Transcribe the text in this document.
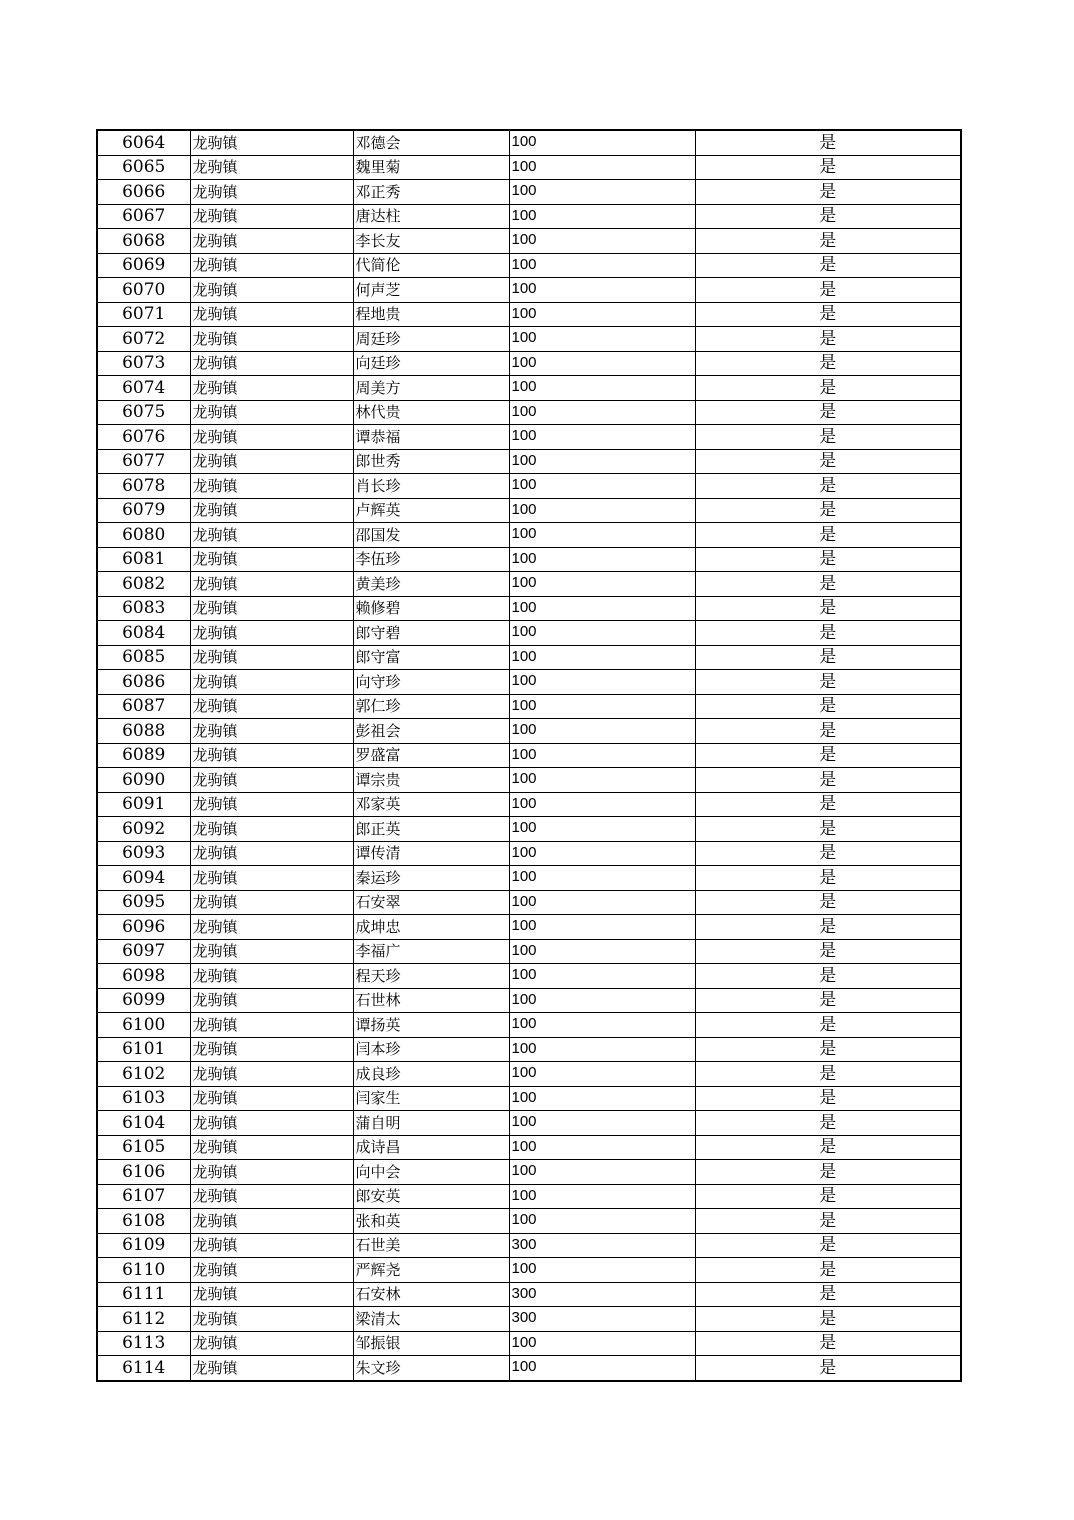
6064	龙驹镇	邓德会	100	是
6065	龙驹镇	魏里菊	100	是
6066	龙驹镇	邓正秀	100	是
6067	龙驹镇	唐达柱	100	是
6068	龙驹镇	李长友	100	是
6069	龙驹镇	代简伦	100	是
6070	龙驹镇	何声芝	100	是
6071	龙驹镇	程地贵	100	是
6072	龙驹镇	周廷珍	100	是
6073	龙驹镇	向廷珍	100	是
6074	龙驹镇	周美方	100	是
6075	龙驹镇	林代贵	100	是
6076	龙驹镇	谭恭福	100	是
6077	龙驹镇	郎世秀	100	是
6078	龙驹镇	肖长珍	100	是
6079	龙驹镇	卢辉英	100	是
6080	龙驹镇	邵国发	100	是
6081	龙驹镇	李伍珍	100	是
6082	龙驹镇	黄美珍	100	是
6083	龙驹镇	赖修碧	100	是
6084	龙驹镇	郎守碧	100	是
6085	龙驹镇	郎守富	100	是
6086	龙驹镇	向守珍	100	是
6087	龙驹镇	郭仁珍	100	是
6088	龙驹镇	彭祖会	100	是
6089	龙驹镇	罗盛富	100	是
6090	龙驹镇	谭宗贵	100	是
6091	龙驹镇	邓家英	100	是
6092	龙驹镇	郎正英	100	是
6093	龙驹镇	谭传清	100	是
6094	龙驹镇	秦运珍	100	是
6095	龙驹镇	石安翠	100	是
6096	龙驹镇	成坤忠	100	是
6097	龙驹镇	李福广	100	是
6098	龙驹镇	程天珍	100	是
6099	龙驹镇	石世林	100	是
6100	龙驹镇	谭扬英	100	是
6101	龙驹镇	闫本珍	100	是
6102	龙驹镇	成良珍	100	是
6103	龙驹镇	闫家生	100	是
6104	龙驹镇	蒲自明	100	是
6105	龙驹镇	成诗昌	100	是
6106	龙驹镇	向中会	100	是
6107	龙驹镇	郎安英	100	是
6108	龙驹镇	张和英	100	是
6109	龙驹镇	石世美	300	是
6110	龙驹镇	严辉尧	100	是
6111	龙驹镇	石安林	300	是
6112	龙驹镇	梁清太	300	是
6113	龙驹镇	邹振银	100	是
6114	龙驹镇	朱文珍	100	是
